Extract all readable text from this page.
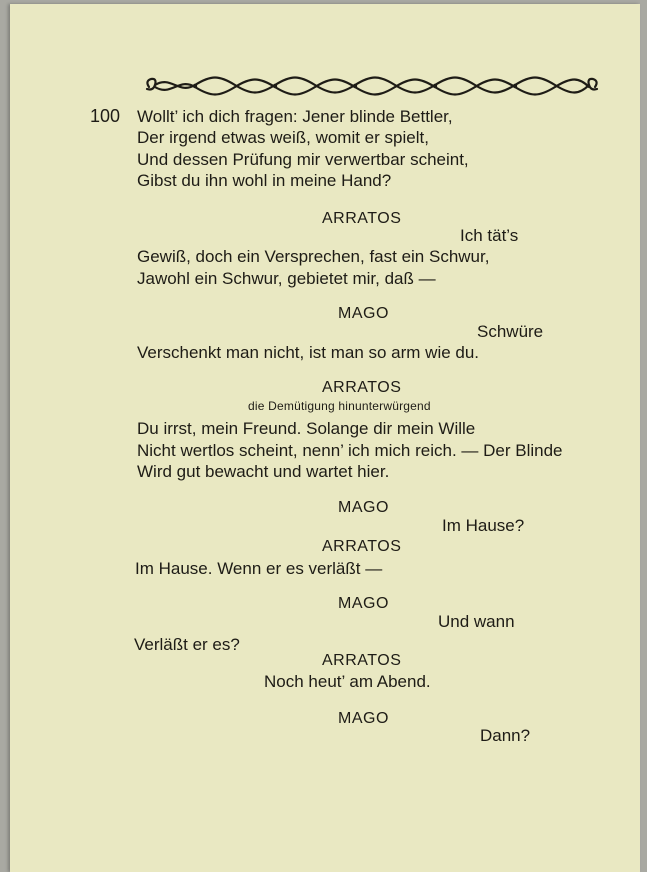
100 Wollt’ ich dich fragen: Jener blinde Bettler,

Der irgend etwas weiß, womit er spielt,

Und dessen Prüfung mir verwertbar scheint,

Gibst du ihn wohl in meine Hand?

ARRATOS

Ich tät’s

Gewiß, doch ein Versprechen, fast ein Schwur,

Jawohl ein Schwur, gebietet mir, daß —

MAGO

Schwüre

Verschenkt man nicht, ist man so arm wie du.

ARRATOS

die Demütigung hinunterwürgend

Du irrst, mein Freund. Solange dir mein Wille

Nicht wertlos scheint, nenn’ ich mich reich. — Der Blinde

Wird gut bewacht und wartet hier.

MAGO

Im Hause?

ARRATOS

Im Hause. Wenn er es verläßt —

MAGO

Und wann

Verläßt er es?

ARRATOS

Noch heut’ am Abend.

MAGO

Dann?
